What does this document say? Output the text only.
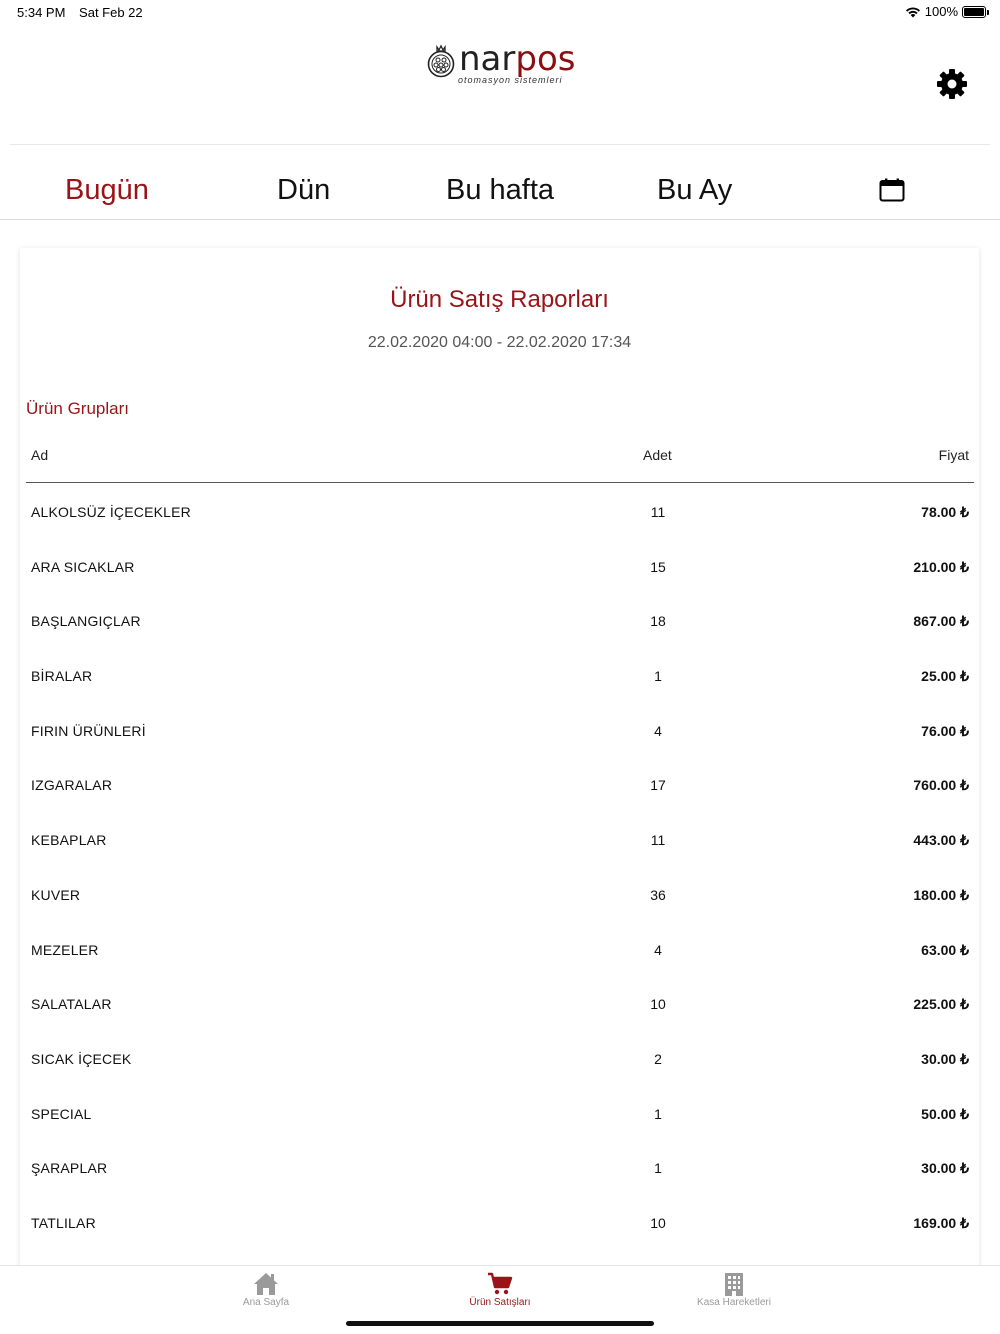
5:34 PM Sat Feb 22	100%
narpos
otomasyon sistemleri
Bugün	Dün	Bu hafta	Bu Ay
Ürün Satış Raporları
22.02.2020 04:00 - 22.02.2020 17:34
Ürün Grupları
Ad	Adet	Fiyat
ALKOLSÜZ İÇECEKLER	11	78.00 ₺
ARA SICAKLAR	15	210.00 ₺
BAŞLANGIÇLAR	18	867.00 ₺
BİRALAR	1	25.00 ₺
FIRIN ÜRÜNLERİ	4	76.00 ₺
IZGARALAR	17	760.00 ₺
KEBAPLAR	11	443.00 ₺
KUVER	36	180.00 ₺
MEZELER	4	63.00 ₺
SALATALAR	10	225.00 ₺
SICAK İÇECEK	2	30.00 ₺
SPECIAL	1	50.00 ₺
ŞARAPLAR	1	30.00 ₺
TATLILAR	10	169.00 ₺
Ana Sayfa	Ürün Satışları	Kasa Hareketleri
